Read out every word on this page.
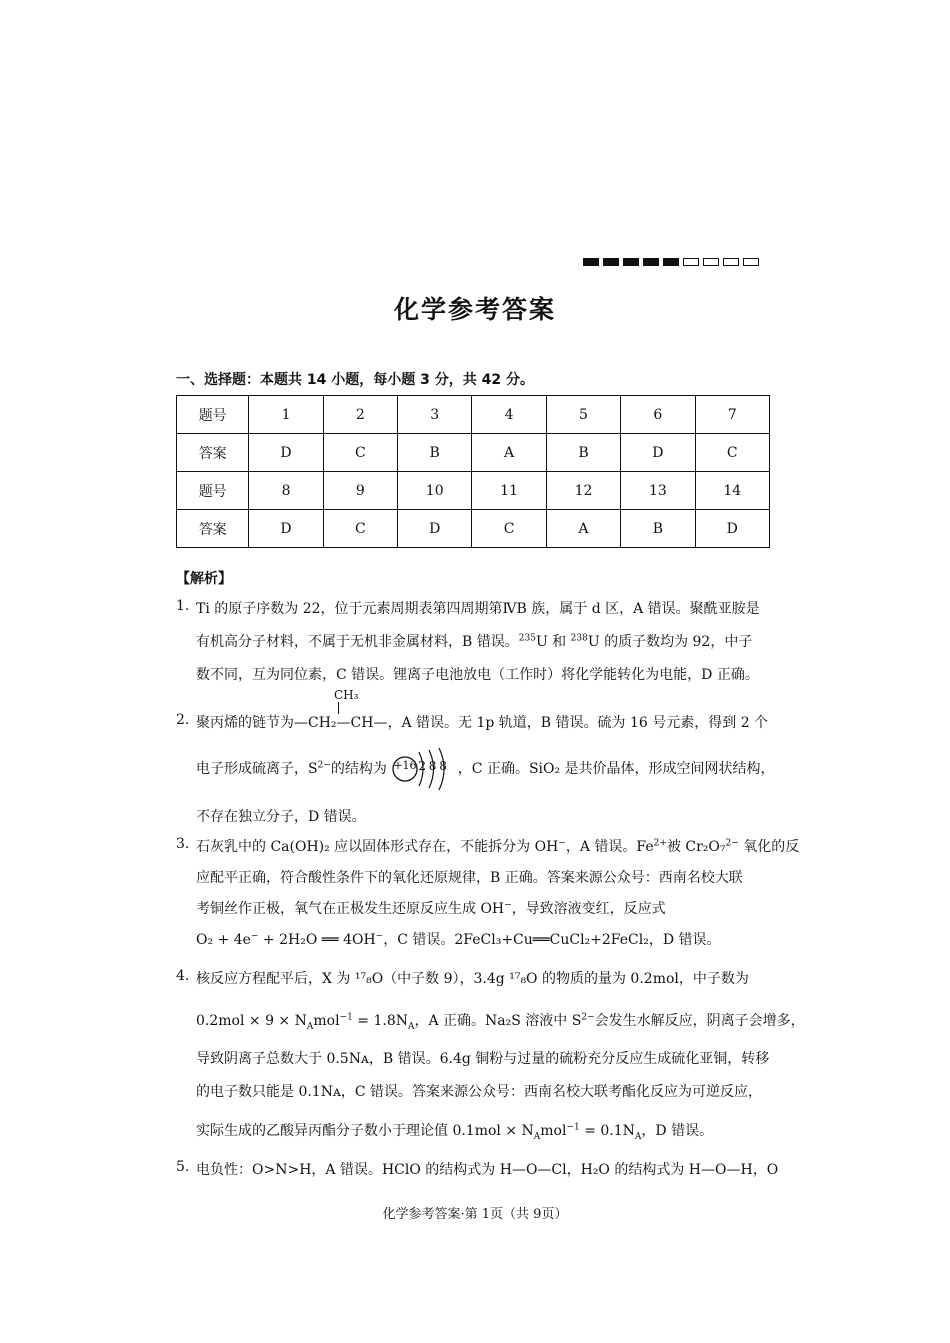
化学参考答案
一、选择题：本题共 14 小题，每小题 3 分，共 42 分。
题号	1	2	3	4	5	6	7
答案	D	C	B	A	B	D	C
题号	8	9	10	11	12	13	14
答案	D	C	D	C	A	B	D
【解析】
1. Ti 的原子序数为 22，位于元素周期表第四周期第ⅣB 族，属于 d 区，A 错误。聚酰亚胺是
有机高分子材料，不属于无机非金属材料，B 错误。$^{235}$U 和 $^{238}$U 的质子数均为 92，中子
数不同，互为同位素，C 错误。锂离子电池放电（工作时）将化学能转化为电能，D 正确。
2.
CH₃
聚丙烯的链节为—CH₂—CH—，A 错误。无 1p 轨道，B 错误。硫为 16 号元素，得到 2 个
电子形成硫离子，$S^{2-}$的结构为 +16 2 8 8 ，C 正确。SiO₂ 是共价晶体，形成空间网状结构，
不存在独立分子，D 错误。
3. 石灰乳中的 Ca(OH)₂ 应以固体形式存在，不能拆分为 OH−，A 错误。$Fe^{2+}$被 Cr₂O₇$^{2-}$ 氧化的反
应配平正确，符合酸性条件下的氧化还原规律，B 正确。答案来源公众号：西南名校大联
考铜丝作正极，氧气在正极发生还原反应生成 OH−，导致溶液变红，反应式
O₂ + 4e− + 2H₂O ══ 4OH−，C 错误。2FeCl₃+Cu══CuCl₂+2FeCl₂，D 错误。
4. 核反应方程配平后，X 为 ¹⁷₈O（中子数 9），3.4g ¹⁷₈O 的物质的量为 0.2mol，中子数为
$0.2mol \times 9 \times N_Amol^{-1} = 1.8N_A$，A 正确。Na₂S 溶液中 $S^{2-}$会发生水解反应，阴离子会增多，
导致阴离子总数大于 0.5Nᴀ，B 错误。6.4g 铜粉与过量的硫粉充分反应生成硫化亚铜，转移
的电子数只能是 0.1Nᴀ，C 错误。答案来源公众号：西南名校大联考酯化反应为可逆反应，
实际生成的乙酸异丙酯分子数小于理论值 $0.1mol \times N_Amol^{-1} = 0.1N_A$，D 错误。
5. 电负性：O>N>H，A 错误。HClO 的结构式为 H—O—Cl，H₂O 的结构式为 H—O—H，O
化学参考答案·第 1页（共 9页）
